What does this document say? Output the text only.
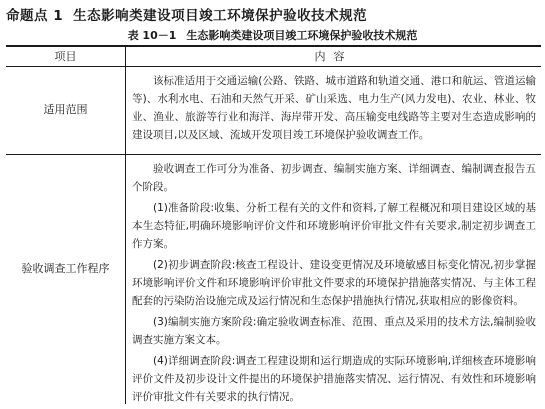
命题点 1 生态影响类建设项目竣工环境保护验收技术规范
表 10－1 生态影响类建设项目竣工环境保护验收技术规范
项目	内容
适用范围

该标准适用于交通运输(公路、铁路、城市道路和轨道交通、港口和航运、管道运输等)、水利水电、石油和天然气开采、矿山采选、电力生产(风力发电)、农业、林业、牧业、渔业、旅游等行业和海洋、海岸带开发、高压输变电线路等主要对生态造成影响的建设项目,以及区域、流域开发项目竣工环境保护验收调查工作。

验收调查工作程序

验收调查工作可分为准备、初步调查、编制实施方案、详细调查、编制调查报告五个阶段。

(1)准备阶段:收集、分析工程有关的文件和资料,了解工程概况和项目建设区域的基本生态特征,明确环境影响评价文件和环境影响评价审批文件有关要求,制定初步调查工作方案。

(2)初步调查阶段:核查工程设计、建设变更情况及环境敏感目标变化情况,初步掌握环境影响评价文件和环境影响评价审批文件要求的环境保护措施落实情况、与主体工程配套的污染防治设施完成及运行情况和生态保护措施执行情况,获取相应的影像资料。

(3)编制实施方案阶段:确定验收调查标准、范围、重点及采用的技术方法,编制验收调查实施方案文本。

(4)详细调查阶段:调查工程建设期和运行期造成的实际环境影响,详细核查环境影响评价文件及初步设计文件提出的环境保护措施落实情况、运行情况、有效性和环境影响评价审批文件有关要求的执行情况。
